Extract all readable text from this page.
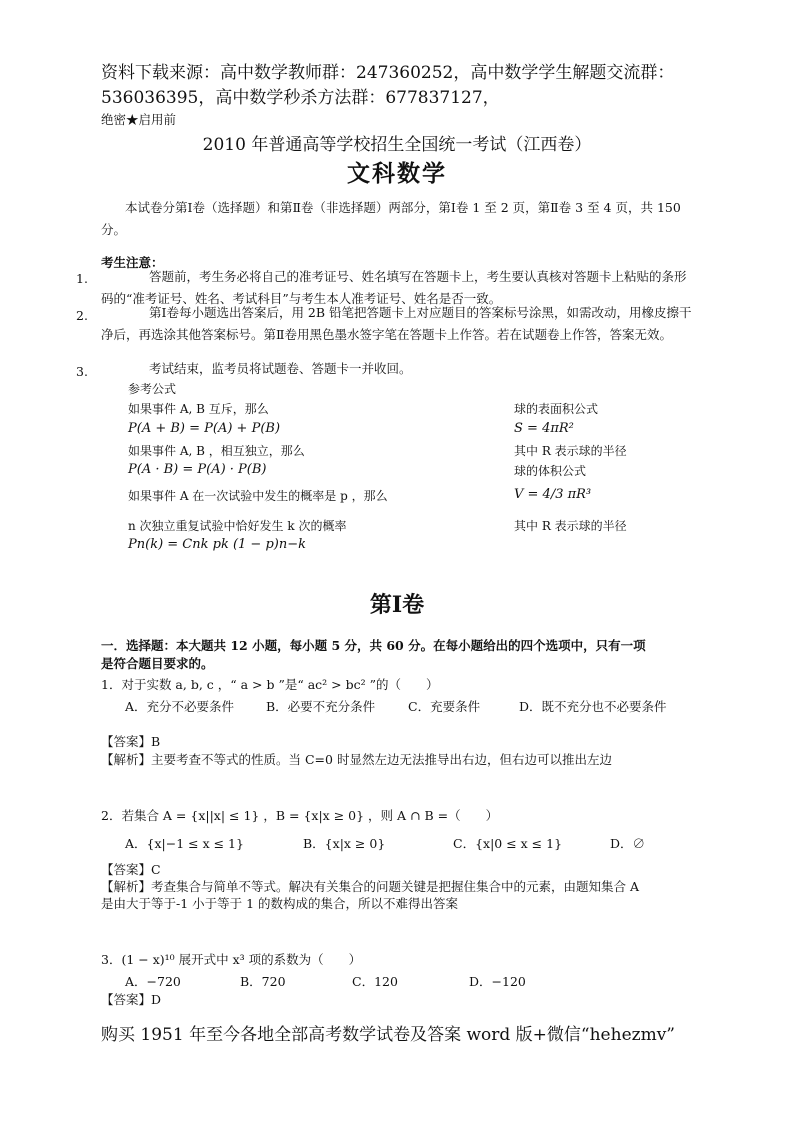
资料下载来源：高中数学教师群：247360252，高中数学学生解题交流群：
536036395，高中数学秒杀方法群：677837127，
绝密★启用前
2010 年普通高等学校招生全国统一考试（江西卷）
文科数学
本试卷分第Ⅰ卷（选择题）和第Ⅱ卷（非选择题）两部分，第Ⅰ卷 1 至 2 页，第Ⅱ卷 3 至 4 页，共 150 分。
考生注意：
1.	答题前，考生务必将自己的准考证号、姓名填写在答题卡上，考生要认真核对答题卡上粘贴的条形码的“准考证号、姓名、考试科目”与考生本人准考证号、姓名是否一致。
2.	第Ⅰ卷每小题选出答案后，用 2B 铅笔把答题卡上对应题目的答案标号涂黑，如需改动，用橡皮擦干净后，再选涂其他答案标号。第Ⅱ卷用黑色墨水签字笔在答题卡上作答。若在试题卷上作答，答案无效。
3.	考试结束，监考员将试题卷、答题卡一并收回。
参考公式
如果事件 A, B 互斥，那么
P(A + B) = P(A) + P(B)
如果事件 A, B ，相互独立，那么
P(A · B) = P(A) · P(B)
如果事件 A 在一次试验中发生的概率是 p ，那么
n 次独立重复试验中恰好发生 k 次的概率
Pn(k) = Cnk pk (1 − p)n−k
球的表面积公式
S = 4πR²
其中 R 表示球的半径
球的体积公式
V = 4/3 πR³
其中 R 表示球的半径
第Ⅰ卷
一．选择题：本大题共 12 小题，每小题 5 分，共 60 分。在每小题给出的四个选项中，只有一项
是符合题目要求的。
1．对于实数 a, b, c ，“ a > b ”是“ ac² > bc² ”的（　　）
A．充分不必要条件	B．必要不充分条件	C．充要条件	D．既不充分也不必要条件
【答案】B
【解析】主要考查不等式的性质。当 C=0 时显然左边无法推导出右边，但右边可以推出左边
2．若集合 A = {x||x| ≤ 1} ，B = {x|x ≥ 0} ，则 A ∩ B =（　　）
A．{x|−1 ≤ x ≤ 1}	B．{x|x ≥ 0}	C．{x|0 ≤ x ≤ 1}	D．∅
【答案】C
【解析】考查集合与简单不等式。解决有关集合的问题关键是把握住集合中的元素，由题知集合 A
是由大于等于-1 小于等于 1 的数构成的集合，所以不难得出答案
3．(1 − x)¹⁰ 展开式中 x³ 项的系数为（　　）
A．−720	B．720	C．120	D．−120
【答案】D
购买 1951 年至今各地全部高考数学试卷及答案 word 版+微信“hehezmv”
